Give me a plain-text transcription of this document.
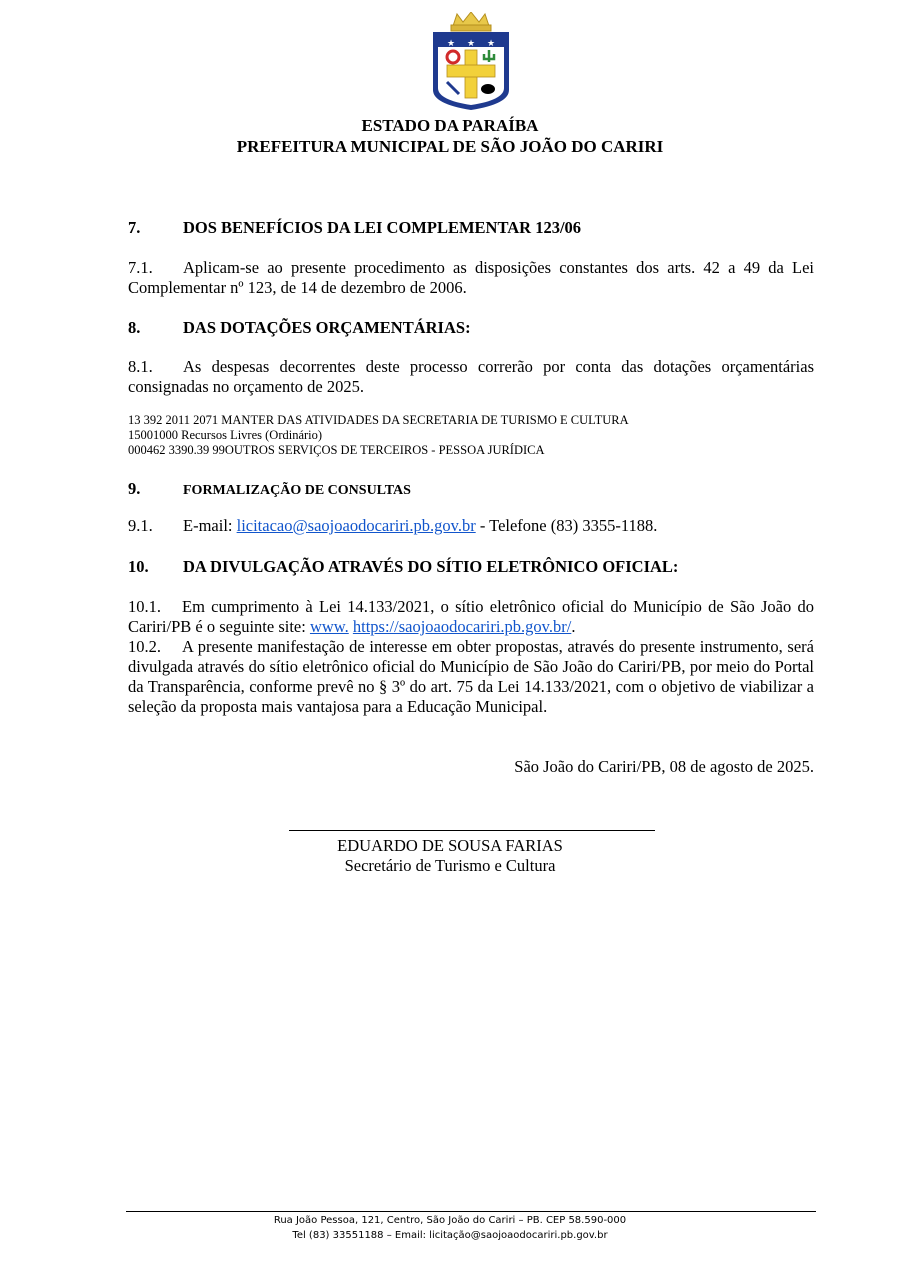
★ ★ ★
ESTADO DA PARAÍBA
PREFEITURA MUNICIPAL DE SÃO JOÃO DO CARIRI
7.	DOS BENEFÍCIOS DA LEI COMPLEMENTAR 123/06
7.1. Aplicam-se ao presente procedimento as disposições constantes dos arts. 42 a 49 da Lei Complementar nº 123, de 14 de dezembro de 2006.
8.	DAS DOTAÇÕES ORÇAMENTÁRIAS:
8.1. As despesas decorrentes deste processo correrão por conta das dotações orçamentárias consignadas no orçamento de 2025.
13 392 2011 2071 MANTER DAS ATIVIDADES DA SECRETARIA DE TURISMO E CULTURA
15001000 Recursos Livres (Ordinário)
000462 3390.39 99OUTROS SERVIÇOS DE TERCEIROS - PESSOA JURÍDICA
9.	FORMALIZAÇÃO DE CONSULTAS
9.1. E-mail: licitacao@saojoaodocariri.pb.gov.br - Telefone (83) 3355-1188.
10. DA DIVULGAÇÃO ATRAVÉS DO SÍTIO ELETRÔNICO OFICIAL:
10.1. Em cumprimento à Lei 14.133/2021, o sítio eletrônico oficial do Município de São João do Cariri/PB é o seguinte site: www. https://saojoaodocariri.pb.gov.br/.
10.2. A presente manifestação de interesse em obter propostas, através do presente instrumento, será divulgada através do sítio eletrônico oficial do Município de São João do Cariri/PB, por meio do Portal da Transparência, conforme prevê no § 3º do art. 75 da Lei 14.133/2021, com o objetivo de viabilizar a seleção da proposta mais vantajosa para a Educação Municipal.
São João do Cariri/PB, 08 de agosto de 2025.
EDUARDO DE SOUSA FARIAS
Secretário de Turismo e Cultura
Rua João Pessoa, 121, Centro, São João do Cariri – PB. CEP 58.590-000
Tel (83) 33551188 – Email: licitação@saojoaodocariri.pb.gov.br
